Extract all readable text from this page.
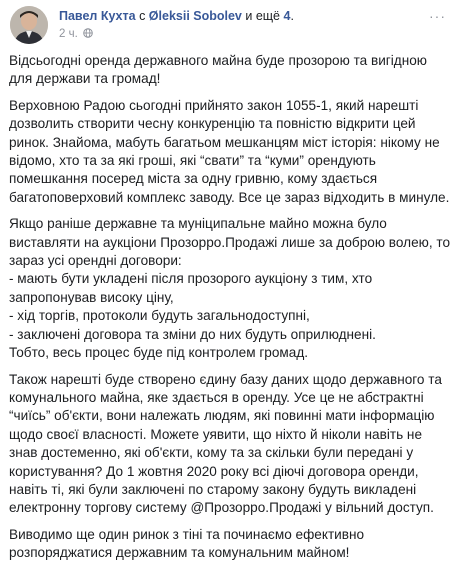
Павел Кухта с Øleksii Sobolev и ещё 4.
2 ч.
···

Відсьогодні оренда державного майна буде прозорою та вигідною для держави та громад!

Верховною Радою сьогодні прийнято закон 1055-1, який нарешті дозволить створити чесну конкуренцію та повністю відкрити цей ринок. Знайома, мабуть багатьом мешканцям міст історія: нікому не відомо, хто та за які гроші, які “свати” та “куми” орендують помешкання посеред міста за одну гривню, кому здається багатоповерховий комплекс заводу. Все це зараз відходить в минуле.

Якщо раніше державне та муніципальне майно можна було виставляти на аукціони Прозорро.Продажі лише за доброю волею, то зараз усі орендні договори:
- мають бути укладені після прозорого аукціону з тим, хто запропонував високу ціну,
- хід торгів, протоколи будуть загальнодоступні,
- заключені договора та зміни до них будуть оприлюднені.
Тобто, весь процес буде під контролем громад.

Також нарешті буде створено єдину базу даних щодо державного та комунального майна, яке здається в оренду. Усе це не абстрактні “чиїсь” об'єкти, вони належать людям, які повинні мати інформацію щодо своєї власності. Можете уявити, що ніхто й ніколи навіть не знав достеменно, які об'єкти, кому та за скільки були передані у користування? До 1 жовтня 2020 року всі діючі договора оренди, навіть ті, які були заключені по старому закону будуть викладені електронну торгову систему @Прозорро.Продажі у вільний доступ.

Виводимо ще один ринок з тіні та починаємо ефективно розпоряджатися державним та комунальним майном!
